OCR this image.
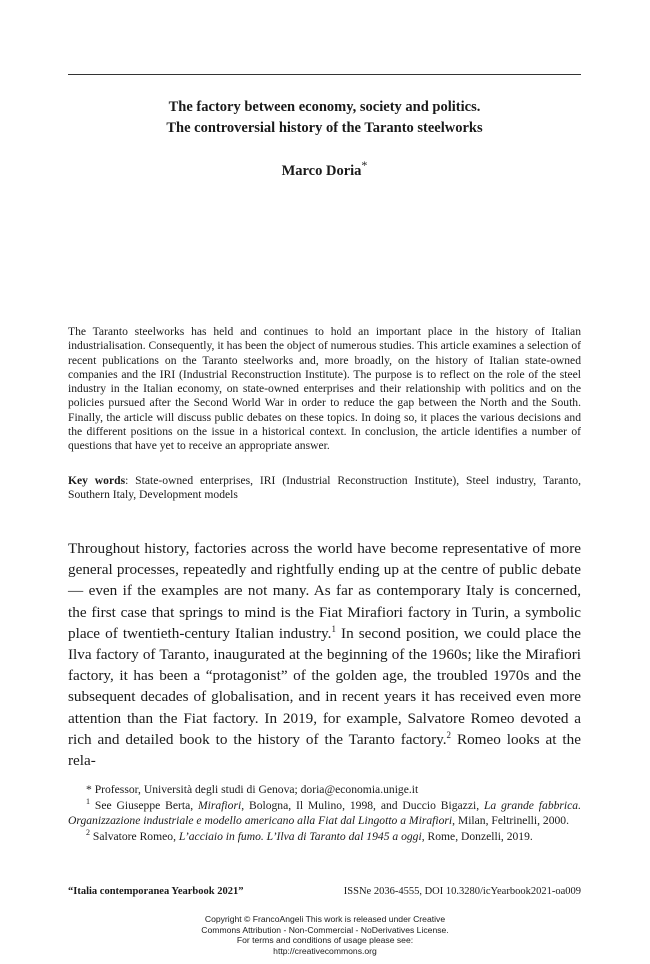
The factory between economy, society and politics.
The controversial history of the Taranto steelworks

Marco Doria*

The Taranto steelworks has held and continues to hold an important place in the history of Italian industrialisation. Consequently, it has been the object of numerous studies. This article examines a selection of recent publications on the Taranto steelworks and, more broadly, on the history of Italian state-owned companies and the IRI (Industrial Reconstruction Institute). The purpose is to reflect on the role of the steel industry in the Italian economy, on state-owned enterprises and their relationship with politics and on the policies pursued after the Second World War in order to reduce the gap between the North and the South. Finally, the article will discuss public debates on these topics. In doing so, it places the various decisions and the different positions on the issue in a historical context. In conclusion, the article identifies a number of questions that have yet to receive an appropriate answer.

Key words: State-owned enterprises, IRI (Industrial Reconstruction Institute), Steel industry, Taranto, Southern Italy, Development models

Throughout history, factories across the world have become representative of more general processes, repeatedly and rightfully ending up at the centre of public debate — even if the examples are not many. As far as contemporary Italy is concerned, the first case that springs to mind is the Fiat Mirafiori factory in Turin, a symbolic place of twentieth-century Italian industry.$^1$ In second position, we could place the Ilva factory of Taranto, inaugurated at the beginning of the 1960s; like the Mirafiori factory, it has been a “protagonist” of the golden age, the troubled 1970s and the subsequent decades of globalisation, and in recent years it has received even more attention than the Fiat factory. In 2019, for example, Salvatore Romeo devoted a rich and detailed book to the history of the Taranto factory.$^2$ Romeo looks at the rela-

* Professor, Università degli studi di Genova; doria@economia.unige.it

$^1$ See Giuseppe Berta, Mirafiori, Bologna, Il Mulino, 1998, and Duccio Bigazzi, La grande fabbrica. Organizzazione industriale e modello americano alla Fiat dal Lingotto a Mirafiori, Milan, Feltrinelli, 2000.

$^2$ Salvatore Romeo, L’acciaio in fumo. L’Ilva di Taranto dal 1945 a oggi, Rome, Donzelli, 2019.

“Italia contemporanea Yearbook 2021”	ISSNe 2036-4555, DOI 10.3280/icYearbook2021-oa009
Copyright © FrancoAngeli This work is released under Creative
Commons Attribution - Non-Commercial - NoDerivatives License.
For terms and conditions of usage please see:
http://creativecommons.org
